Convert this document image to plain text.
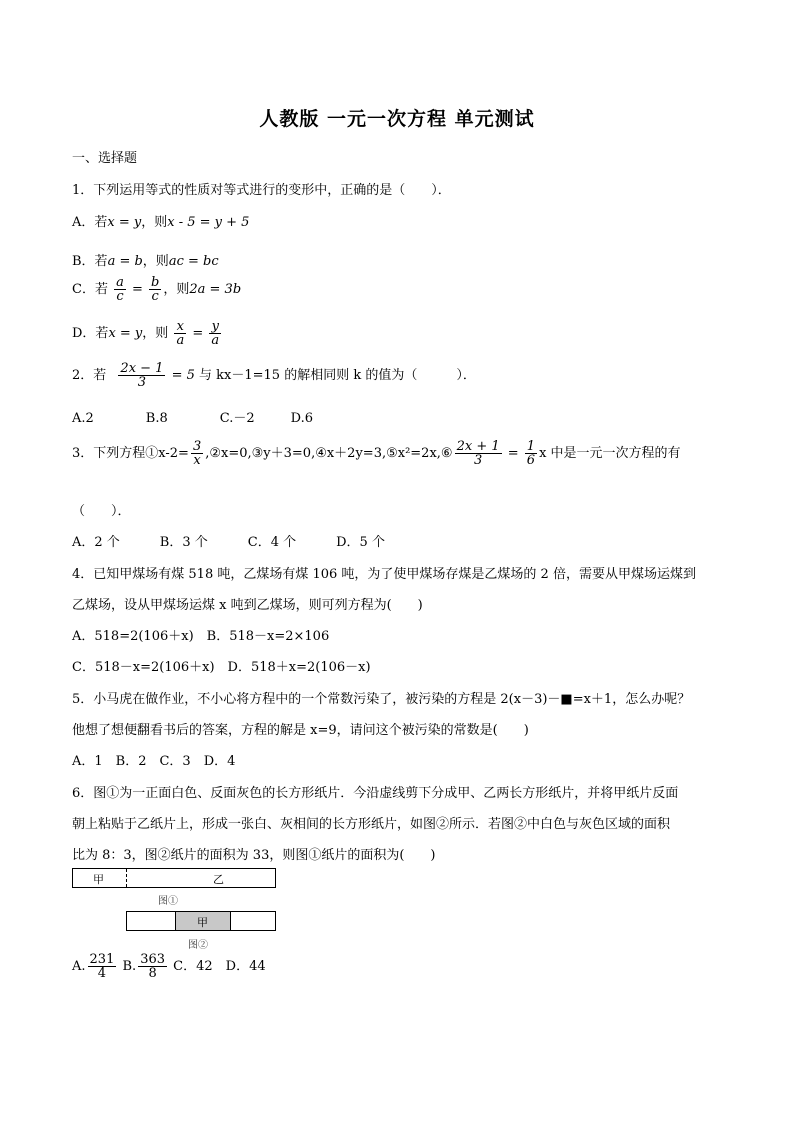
人教版 一元一次方程 单元测试
一、选择题
1．下列运用等式的性质对等式进行的变形中，正确的是（　　）．
A．若x = y，则x - 5 = y + 5
B．若a = b，则ac = bc
C．若 $\frac{a}{c} = \frac{b}{c}$ ，则2a = 3b
D．若x = y，则 $\frac{x}{a} = \frac{y}{a}$
2．若 $\frac{2x - 1}{3} = 5$ 与 kx－1=15 的解相同则 k 的值为（　　　）．
A.2	B.8	C.－2	D.6
3．下列方程①x-2= $\frac{3}{x}$ ,②x=0,③y＋3=0,④x＋2y=3,⑤x²=2x,⑥ $\frac{2x + 1}{3} = \frac{1}{6}$ x 中是一元一次方程的有
（　　）．
A．2 个	B．3 个	C．4 个	D．5 个
4．已知甲煤场有煤 518 吨，乙煤场有煤 106 吨，为了使甲煤场存煤是乙煤场的 2 倍，需要从甲煤场运煤到
乙煤场，设从甲煤场运煤 x 吨到乙煤场，则可列方程为(　　)
A．518=2(106＋x)　B．518－x=2×106
C．518－x=2(106＋x)　D．518＋x=2(106－x)
5．小马虎在做作业，不小心将方程中的一个常数污染了，被污染的方程是 2(x－3)－■=x＋1，怎么办呢？
他想了想便翻看书后的答案，方程的解是 x=9，请问这个被污染的常数是(　　)
A．1　B．2　C．3　D．4
6．图①为一正面白色、反面灰色的长方形纸片．今沿虚线剪下分成甲、乙两长方形纸片，并将甲纸片反面
朝上粘贴于乙纸片上，形成一张白、灰相间的长方形纸片，如图②所示．若图②中白色与灰色区域的面积
比为 8：3，图②纸片的面积为 33，则图①纸片的面积为(　　)
甲	乙
图①
甲
图②
A. $\frac{231}{4} B$. $\frac{363}{8}$ C．42　D．44
